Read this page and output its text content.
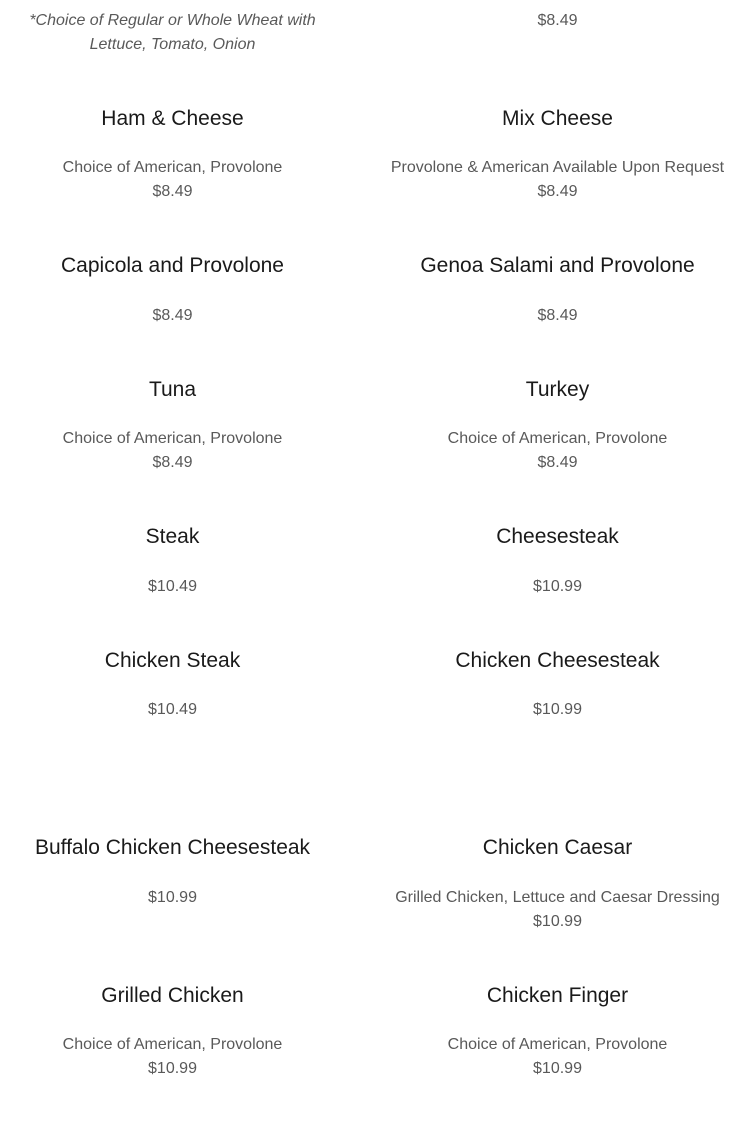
*Choice of Regular or Whole Wheat with Lettuce, Tomato, Onion
$8.49
Ham & Cheese
Choice of American, Provolone
$8.49
Mix Cheese
Provolone & American Available Upon Request
$8.49
Capicola and Provolone
$8.49
Genoa Salami and Provolone
$8.49
Tuna
Choice of American, Provolone
$8.49
Turkey
Choice of American, Provolone
$8.49
Steak
$10.49
Cheesesteak
$10.99
Chicken Steak
$10.49
Chicken Cheesesteak
$10.99
Buffalo Chicken Cheesesteak
$10.99
Chicken Caesar
Grilled Chicken, Lettuce and Caesar Dressing
$10.99
Grilled Chicken
Choice of American, Provolone
$10.99
Chicken Finger
Choice of American, Provolone
$10.99
